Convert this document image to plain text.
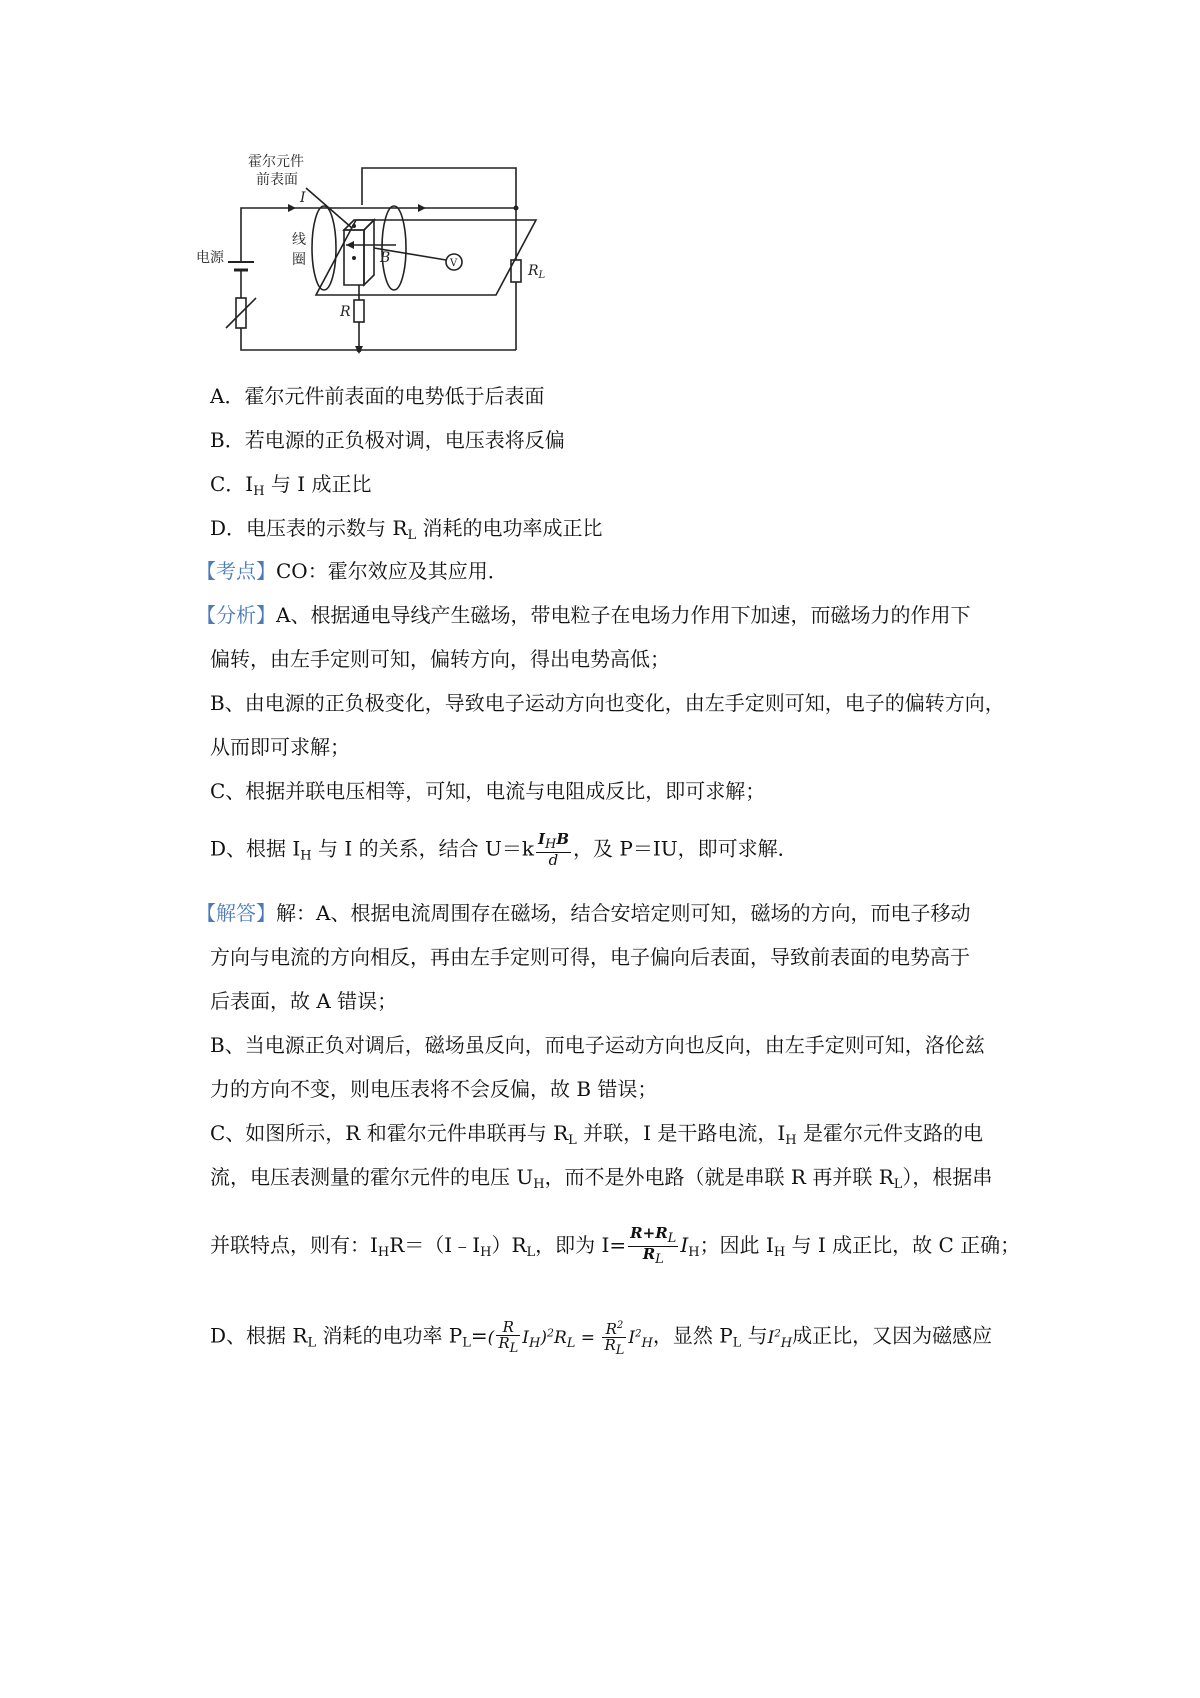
霍尔元件
前表面
电源
线
圈
I
B
R
$R_L$
V
A．霍尔元件前表面的电势低于后表面
B．若电源的正负极对调，电压表将反偏
C．$I_H$ 与 I 成正比
D．电压表的示数与 $R_L$ 消耗的电功率成正比
【考点】CO：霍尔效应及其应用．
【分析】A、根据通电导线产生磁场，带电粒子在电场力作用下加速，而磁场力的作用下
偏转，由左手定则可知，偏转方向，得出电势高低；
B、由电源的正负极变化，导致电子运动方向也变化，由左手定则可知，电子的偏转方向，
从而即可求解；
C、根据并联电压相等，可知，电流与电阻成反比，即可求解；
D、根据 $I_H$ 与 I 的关系，结合 $U=k \frac{I_HB}{d}$ ，及 P＝IU，即可求解．
【解答】解：A、根据电流周围存在磁场，结合安培定则可知，磁场的方向，而电子移动
方向与电流的方向相反，再由左手定则可得，电子偏向后表面，导致前表面的电势高于
后表面，故 A 错误；
B、当电源正负对调后，磁场虽反向，而电子运动方向也反向，由左手定则可知，洛伦兹
力的方向不变，则电压表将不会反偏，故 B 错误；
C、如图所示，R 和霍尔元件串联再与 $R_L$ 并联，I 是干路电流，$I_H$ 是霍尔元件支路的电
流，电压表测量的霍尔元件的电压 $U_H$，而不是外电路（就是串联 R 再并联 $R_L$），根据串
并联特点，则有：$I_HR=(I﹣I_H)R_L$，即为 $I= \frac{R+R_L}{R_L} I_H$；因此 $I_H$ 与 I 成正比，故 C 正确；
D、根据 $R_L$ 消耗的电功率 $P_L=( \frac{R}{R_L} I_H)^2R_L = \frac{R^2}{R_L} I^2_H$，显然 $P_L$ 与$I^2_H$成正比，又因为磁感应
